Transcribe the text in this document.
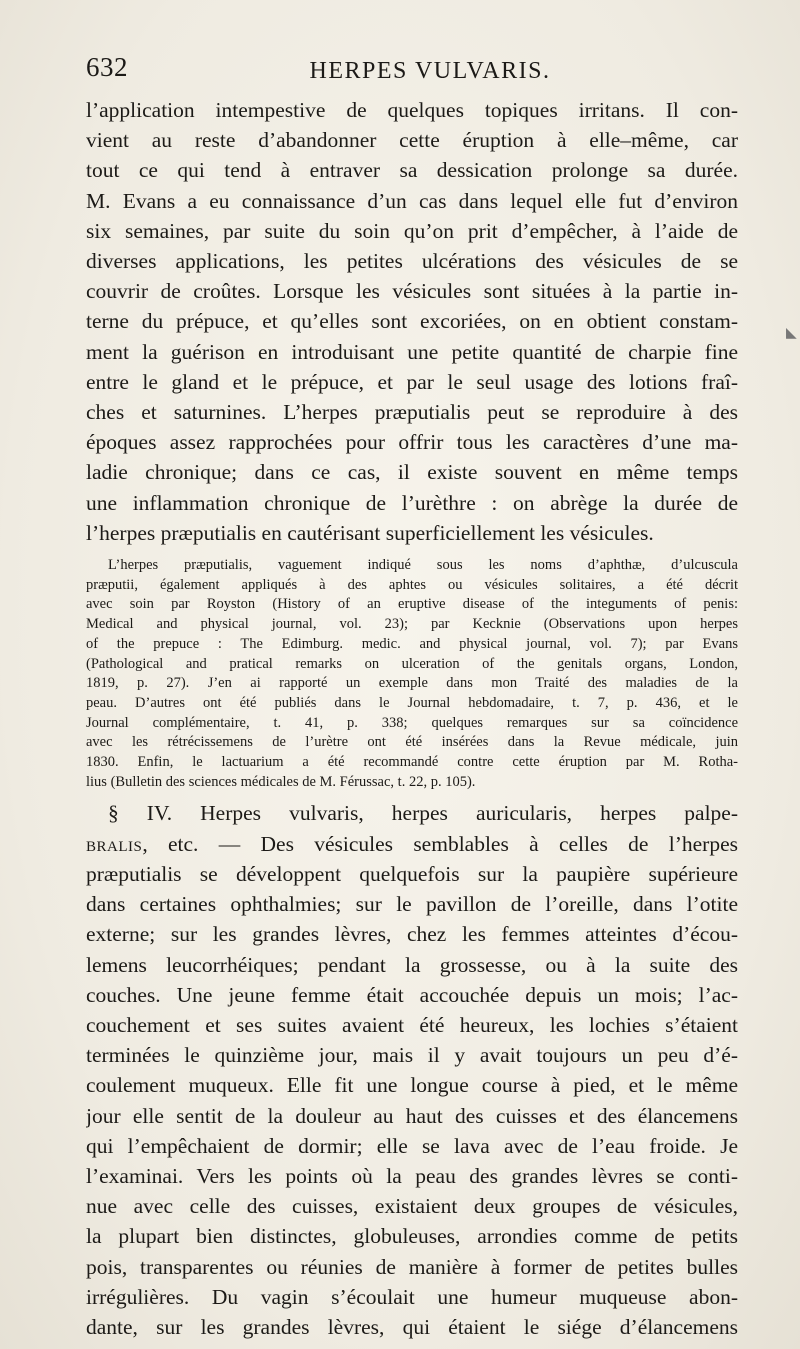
632	HERPES VULVARIS.
◣
l’application intempestive de quelques topiques irritans. Il con-
vient au reste d’abandonner cette éruption à elle–même, car
tout ce qui tend à entraver sa dessication prolonge sa durée.
M. Evans a eu connaissance d’un cas dans lequel elle fut d’environ
six semaines, par suite du soin qu’on prit d’empêcher, à l’aide de
diverses applications, les petites ulcérations des vésicules de se
couvrir de croûtes. Lorsque les vésicules sont situées à la partie in-
terne du prépuce, et qu’elles sont excoriées, on en obtient constam-
ment la guérison en introduisant une petite quantité de charpie fine
entre le gland et le prépuce, et par le seul usage des lotions fraî-
ches et saturnines. L’herpes præputialis peut se reproduire à des
époques assez rapprochées pour offrir tous les caractères d’une ma-
ladie chronique; dans ce cas, il existe souvent en même temps
une inflammation chronique de l’urèthre : on abrège la durée de
l’herpes præputialis en cautérisant superficiellement les vésicules.
L’herpes præputialis, vaguement indiqué sous les noms d’aphthæ, d’ulcuscula
præputii, également appliqués à des aphtes ou vésicules solitaires, a été décrit
avec soin par Royston (History of an eruptive disease of the integuments of penis:
Medical and physical journal, vol. 23); par Kecknie (Observations upon herpes
of the prepuce : The Edimburg. medic. and physical journal, vol. 7); par Evans
(Pathological and pratical remarks on ulceration of the genitals organs, London,
1819, p. 27). J’en ai rapporté un exemple dans mon Traité des maladies de la
peau. D’autres ont été publiés dans le Journal hebdomadaire, t. 7, p. 436, et le
Journal complémentaire, t. 41, p. 338; quelques remarques sur sa coïncidence
avec les rétrécissemens de l’urètre ont été insérées dans la Revue médicale, juin
1830. Enfin, le lactuarium a été recommandé contre cette éruption par M. Rotha-
lius (Bulletin des sciences médicales de M. Férussac, t. 22, p. 105).
§ IV. Herpes vulvaris, herpes auricularis, herpes palpe-
bralis, etc. — Des vésicules semblables à celles de l’herpes
præputialis se développent quelquefois sur la paupière supérieure
dans certaines ophthalmies; sur le pavillon de l’oreille, dans l’otite
externe; sur les grandes lèvres, chez les femmes atteintes d’écou-
lemens leucorrhéiques; pendant la grossesse, ou à la suite des
couches. Une jeune femme était accouchée depuis un mois; l’ac-
couchement et ses suites avaient été heureux, les lochies s’étaient
terminées le quinzième jour, mais il y avait toujours un peu d’é-
coulement muqueux. Elle fit une longue course à pied, et le même
jour elle sentit de la douleur au haut des cuisses et des élancemens
qui l’empêchaient de dormir; elle se lava avec de l’eau froide. Je
l’examinai. Vers les points où la peau des grandes lèvres se conti-
nue avec celle des cuisses, existaient deux groupes de vésicules,
la plupart bien distinctes, globuleuses, arrondies comme de petits
pois, transparentes ou réunies de manière à former de petites bulles
irrégulières. Du vagin s’écoulait une humeur muqueuse abon-
dante, sur les grandes lèvres, qui étaient le siége d’élancemens
